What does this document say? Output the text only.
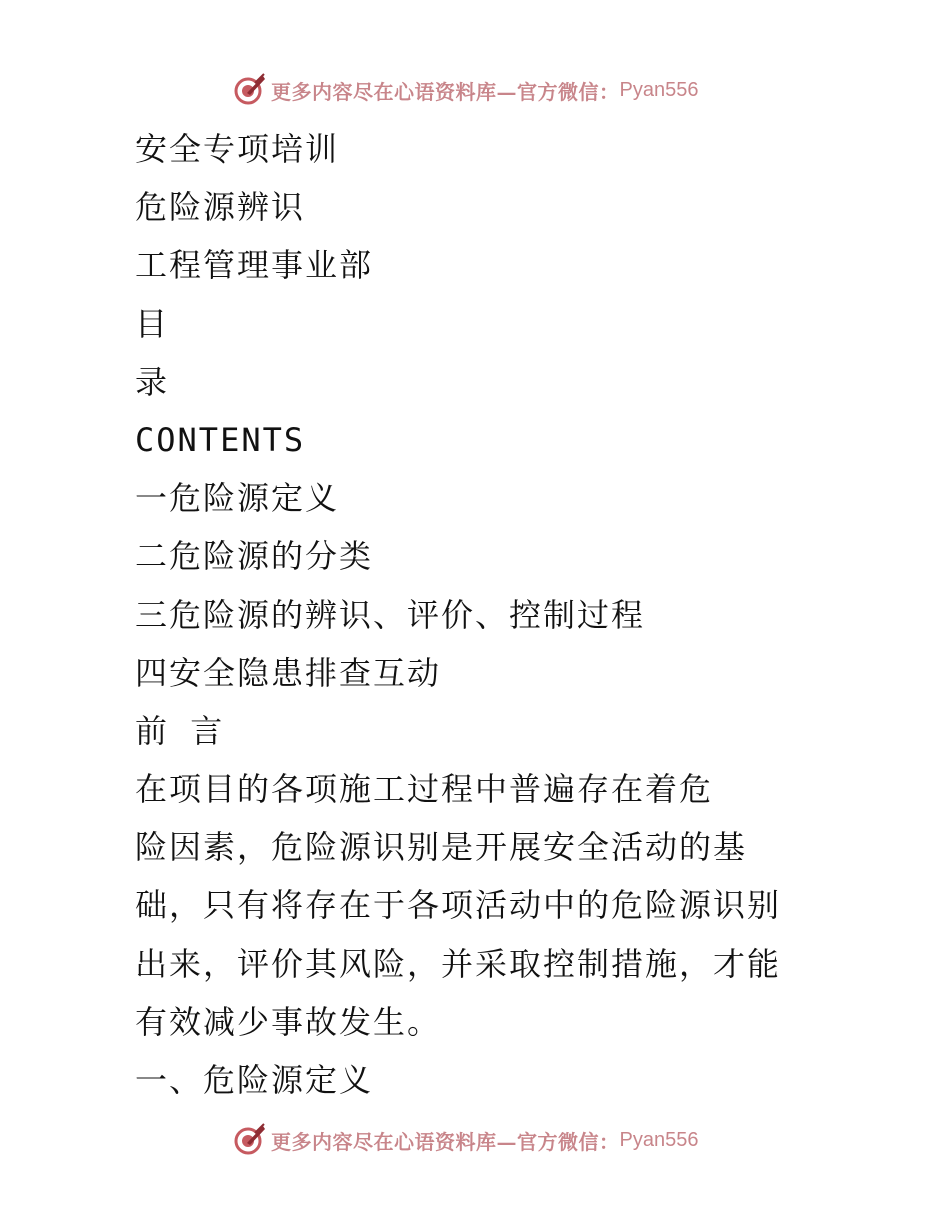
更多内容尽在心语资料库—官方微信： Pyan556
安全专项培训
危险源辨识
工程管理事业部
目
录
CONTENTS
一危险源定义
二危险源的分类
三危险源的辨识、评价、控制过程
四安全隐患排查互动
前 言
在项目的各项施工过程中普遍存在着危
险因素，危险源识别是开展安全活动的基
础，只有将存在于各项活动中的危险源识别
出来，评价其风险，并采取控制措施，才能
有效减少事故发生。
一、危险源定义
更多内容尽在心语资料库—官方微信： Pyan556
